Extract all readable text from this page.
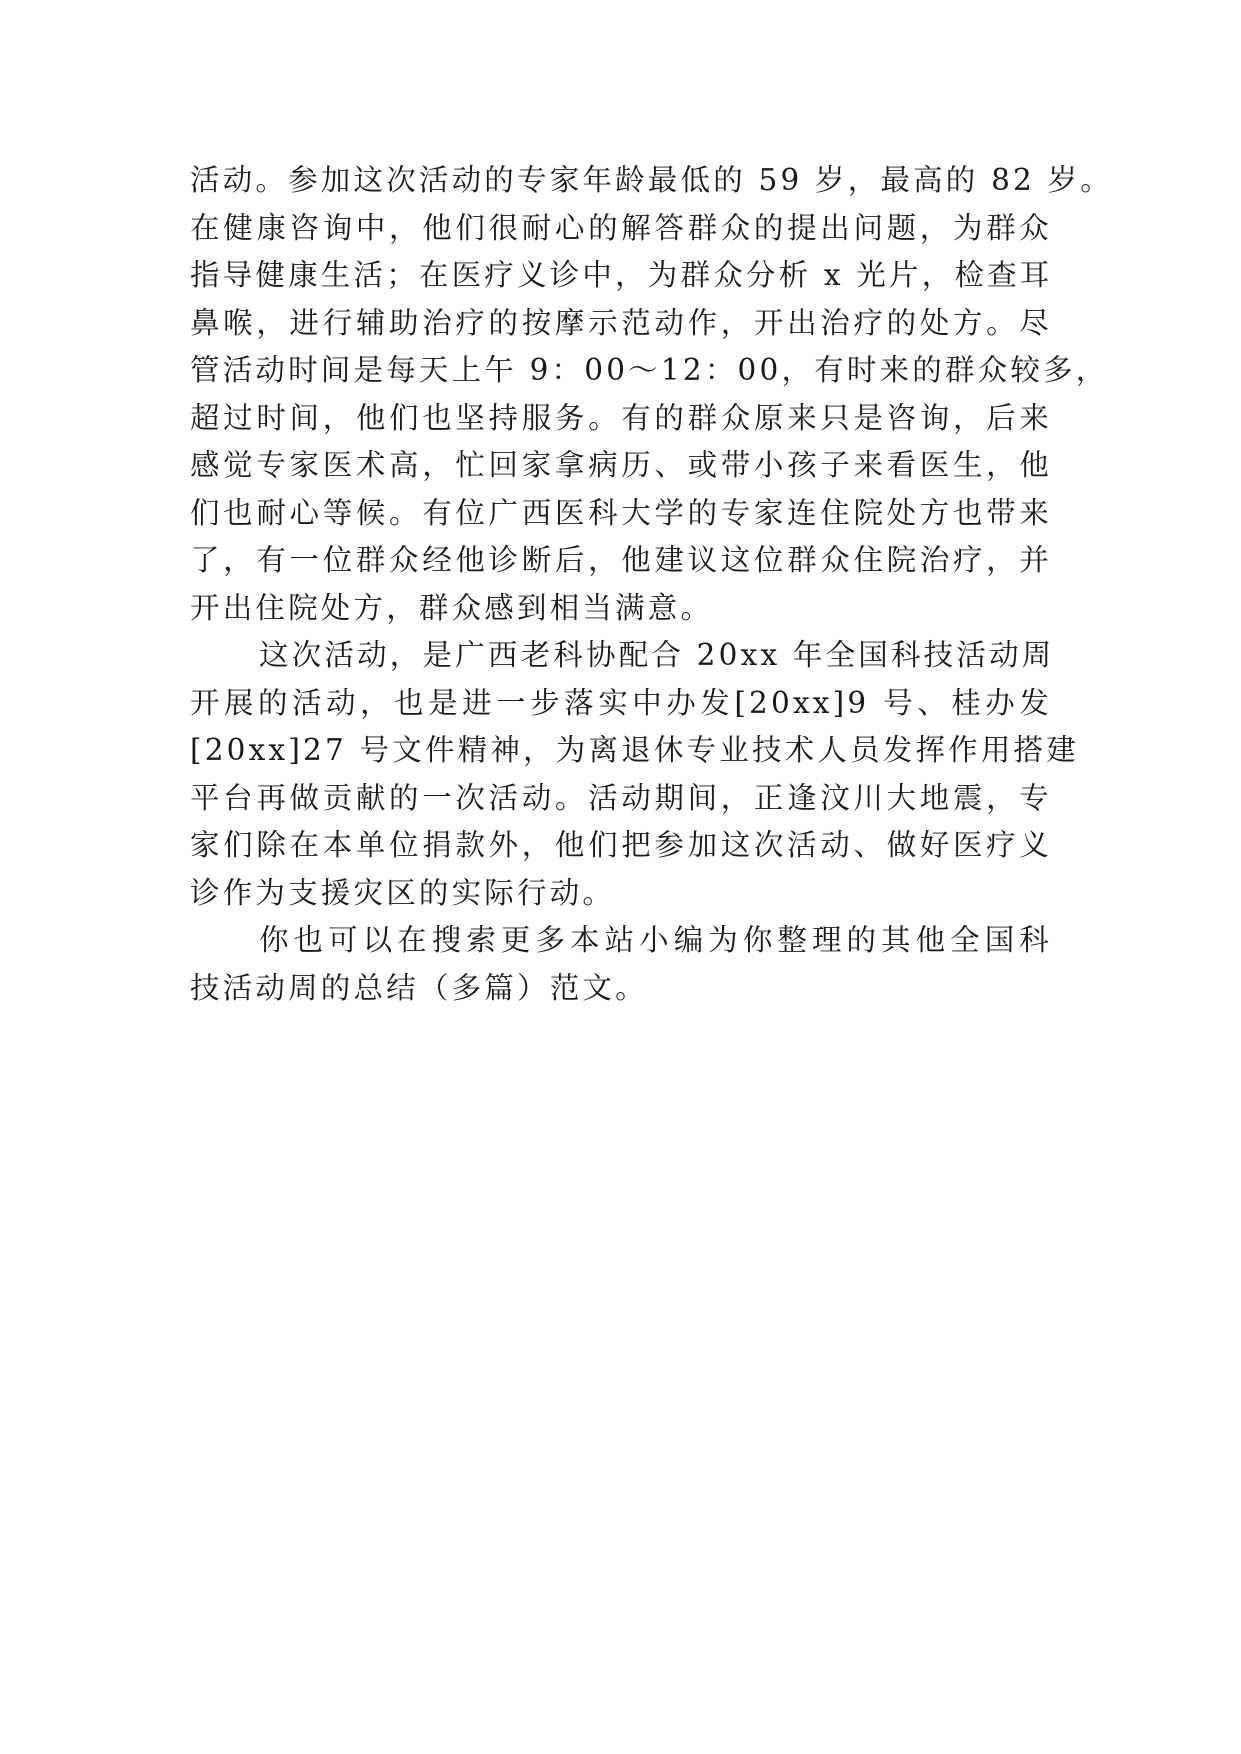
活动。参加这次活动的专家年龄最低的 59 岁，最高的 82 岁。
在健康咨询中，他们很耐心的解答群众的提出问题，为群众
指导健康生活；在医疗义诊中，为群众分析 x 光片，检查耳
鼻喉，进行辅助治疗的按摩示范动作，开出治疗的处方。尽
管活动时间是每天上午 9：00～12：00，有时来的群众较多，
超过时间，他们也坚持服务。有的群众原来只是咨询，后来
感觉专家医术高，忙回家拿病历、或带小孩子来看医生，他
们也耐心等候。有位广西医科大学的专家连住院处方也带来
了，有一位群众经他诊断后，他建议这位群众住院治疗，并
开出住院处方，群众感到相当满意。
这次活动，是广西老科协配合 20xx 年全国科技活动周
开展的活动，也是进一步落实中办发[20xx]9 号、桂办发
[20xx]27 号文件精神，为离退休专业技术人员发挥作用搭建
平台再做贡献的一次活动。活动期间，正逢汶川大地震，专
家们除在本单位捐款外，他们把参加这次活动、做好医疗义
诊作为支援灾区的实际行动。
你也可以在搜索更多本站小编为你整理的其他全国科
技活动周的总结（多篇）范文。
